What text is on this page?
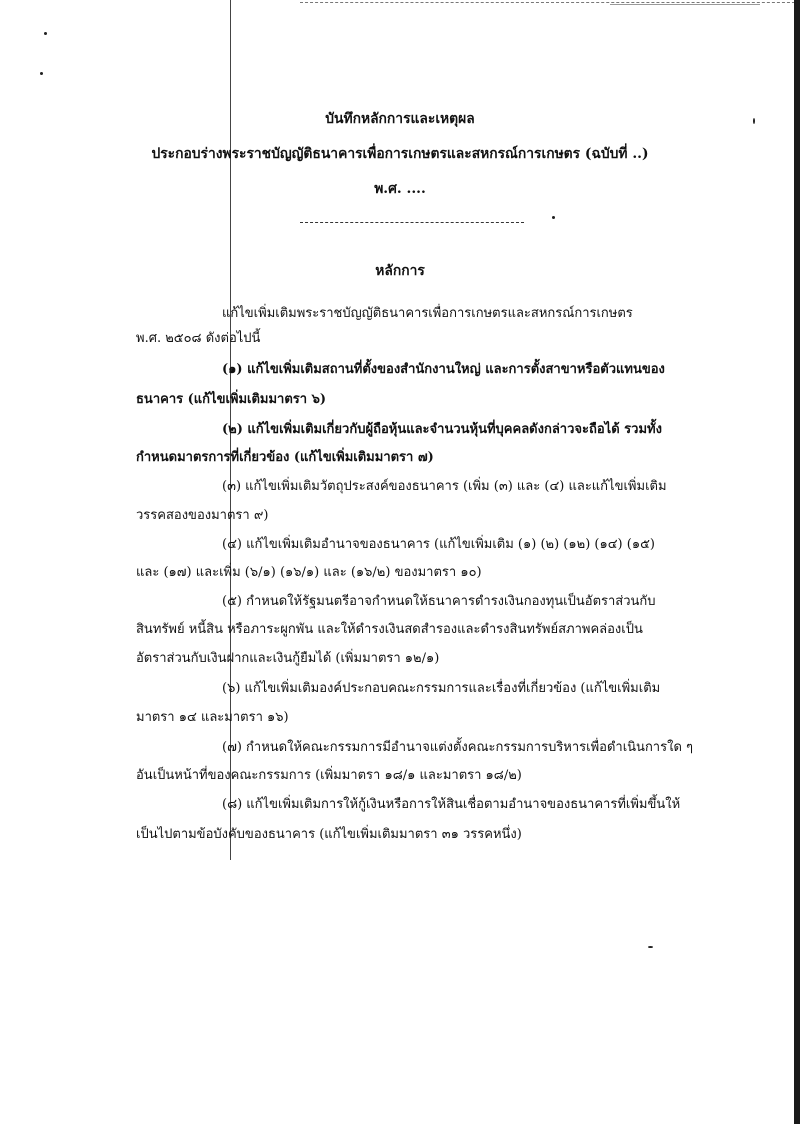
บันทึกหลักการและเหตุผล
ประกอบร่างพระราชบัญญัติธนาคารเพื่อการเกษตรและสหกรณ์การเกษตร (ฉบับที่ ..)
พ.ศ. ....
หลักการ
แก้ไขเพิ่มเติมพระราชบัญญัติธนาคารเพื่อการเกษตรและสหกรณ์การเกษตร
พ.ศ. ๒๕๐๘ ดังต่อไปนี้
(๑) แก้ไขเพิ่มเติมสถานที่ตั้งของสำนักงานใหญ่ และการตั้งสาขาหรือตัวแทนของ
ธนาคาร (แก้ไขเพิ่มเติมมาตรา ๖)
(๒) แก้ไขเพิ่มเติมเกี่ยวกับผู้ถือหุ้นและจำนวนหุ้นที่บุคคลดังกล่าวจะถือได้ รวมทั้ง
กำหนดมาตรการที่เกี่ยวข้อง (แก้ไขเพิ่มเติมมาตรา ๗)
(๓) แก้ไขเพิ่มเติมวัตถุประสงค์ของธนาคาร (เพิ่ม (๓) และ (๔) และแก้ไขเพิ่มเติม
วรรคสองของมาตรา ๙)
(๔) แก้ไขเพิ่มเติมอำนาจของธนาคาร (แก้ไขเพิ่มเติม (๑) (๒) (๑๒) (๑๔) (๑๕)
และ (๑๗) และเพิ่ม (๖/๑) (๑๖/๑) และ (๑๖/๒) ของมาตรา ๑๐)
(๕) กำหนดให้รัฐมนตรีอาจกำหนดให้ธนาคารดำรงเงินกองทุนเป็นอัตราส่วนกับ
สินทรัพย์ หนี้สิน หรือภาระผูกพัน และให้ดำรงเงินสดสำรองและดำรงสินทรัพย์สภาพคล่องเป็น
อัตราส่วนกับเงินฝากและเงินกู้ยืมได้ (เพิ่มมาตรา ๑๒/๑)
(๖) แก้ไขเพิ่มเติมองค์ประกอบคณะกรรมการและเรื่องที่เกี่ยวข้อง (แก้ไขเพิ่มเติม
มาตรา ๑๔ และมาตรา ๑๖)
(๗) กำหนดให้คณะกรรมการมีอำนาจแต่งตั้งคณะกรรมการบริหารเพื่อดำเนินการใด ๆ
อันเป็นหน้าที่ของคณะกรรมการ (เพิ่มมาตรา ๑๘/๑ และมาตรา ๑๘/๒)
(๘) แก้ไขเพิ่มเติมการให้กู้เงินหรือการให้สินเชื่อตามอำนาจของธนาคารที่เพิ่มขึ้นให้
เป็นไปตามข้อบังคับของธนาคาร (แก้ไขเพิ่มเติมมาตรา ๓๑ วรรคหนึ่ง)
